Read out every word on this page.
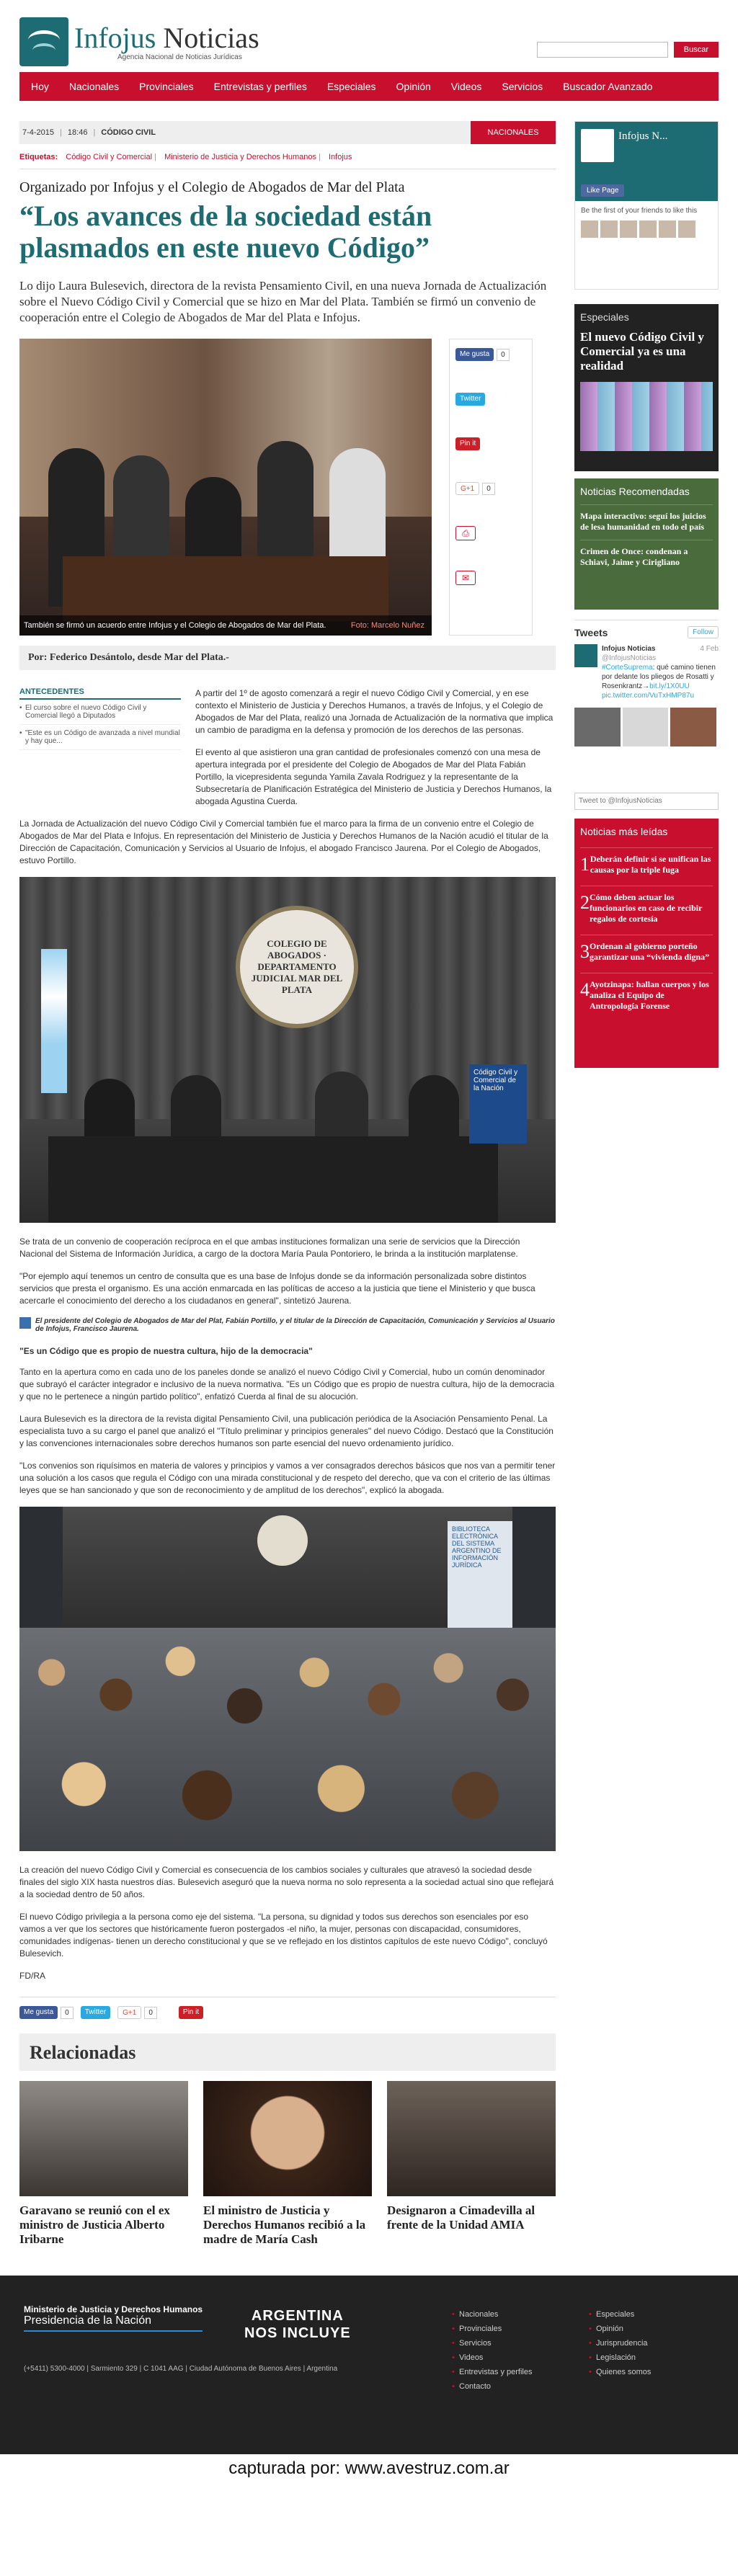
Infojus Noticias
Agencia Nacional de Noticias Jurídicas
Buscar
Hoy Nacionales Provinciales Entrevistas y perfiles Especiales Opinión Videos Servicios Buscador Avanzado
7-4-2015 | 18:46 | CÓDIGO CIVIL	NACIONALES
Etiquetas: Código Civil y Comercial | Ministerio de Justicia y Derechos Humanos | Infojus
Organizado por Infojus y el Colegio de Abogados de Mar del Plata
“Los avances de la sociedad están plasmados en este nuevo Código”

Lo dijo Laura Bulesevich, directora de la revista Pensamiento Civil, en una nueva Jornada de Actualización sobre el Nuevo Código Civil y Comercial que se hizo en Mar del Plata. También se firmó un convenio de cooperación entre el Colegio de Abogados de Mar del Plata e Infojus.

También se firmó un acuerdo entre Infojus y el Colegio de Abogados de Mar del Plata.	Foto: Marcelo Nuñez
Me gusta	0
Twitter
Pin it
G+1	0
⎙
✉
Por: Federico Desántolo, desde Mar del Plata.-
ANTECEDENTES
• El curso sobre el nuevo Código Civil y Comercial llegó a Diputados
• "Este es un Código de avanzada a nivel mundial y hay que...

A partir del 1º de agosto comenzará a regir el nuevo Código Civil y Comercial, y en ese contexto el Ministerio de Justicia y Derechos Humanos, a través de Infojus, y el Colegio de Abogados de Mar del Plata, realizó una Jornada de Actualización de la normativa que implica un cambio de paradigma en la defensa y promoción de los derechos de las personas.

El evento al que asistieron una gran cantidad de profesionales comenzó con una mesa de apertura integrada por el presidente del Colegio de Abogados de Mar del Plata Fabián Portillo, la vicepresidenta segunda Yamila Zavala Rodriguez y la representante de la Subsecretaría de Planificación Estratégica del Ministerio de Justicia y Derechos Humanos, la abogada Agustina Cuerda.

La Jornada de Actualización del nuevo Código Civil y Comercial también fue el marco para la firma de un convenio entre el Colegio de Abogados de Mar del Plata e Infojus. En representación del Ministerio de Justicia y Derechos Humanos de la Nación acudió el titular de la Dirección de Capacitación, Comunicación y Servicios al Usuario de Infojus, el abogado Francisco Jaurena. Por el Colegio de Abogados, estuvo Portillo.

COLEGIO DE ABOGADOS · DEPARTAMENTO JUDICIAL MAR DEL PLATA
Código Civil y Comercial de la Nación

Se trata de un convenio de cooperación recíproca en el que ambas instituciones formalizan una serie de servicios que la Dirección Nacional del Sistema de Información Jurídica, a cargo de la doctora María Paula Pontoriero, le brinda a la institución marplatense.

"Por ejemplo aquí tenemos un centro de consulta que es una base de Infojus donde se da información personalizada sobre distintos servicios que presta el organismo. Es una acción enmarcada en las políticas de acceso a la justicia que tiene el Ministerio y que busca acercarle el conocimiento del derecho a los ciudadanos en general", sintetizó Jaurena.

El presidente del Colegio de Abogados de Mar del Plat, Fabián Portillo, y el titular de la Dirección de Capacitación, Comunicación y Servicios al Usuario de Infojus, Francisco Jaurena.
"Es un Código que es propio de nuestra cultura, hijo de la democracia"

Tanto en la apertura como en cada uno de los paneles donde se analizó el nuevo Código Civil y Comercial, hubo un común denominador que subrayó el carácter integrador e inclusivo de la nueva normativa. "Es un Código que es propio de nuestra cultura, hijo de la democracia y que no le pertenece a ningún partido político", enfatizó Cuerda al final de su alocución.

Laura Bulesevich es la directora de la revista digital Pensamiento Civil, una publicación periódica de la Asociación Pensamiento Penal. La especialista tuvo a su cargo el panel que analizó el "Título preliminar y principios generales" del nuevo Código. Destacó que la Constitución y las convenciones internacionales sobre derechos humanos son parte esencial del nuevo ordenamiento jurídico.

"Los convenios son riquísimos en materia de valores y principios y vamos a ver consagrados derechos básicos que nos van a permitir tener una solución a los casos que regula el Código con una mirada constitucional y de respeto del derecho, que va con el criterio de las últimas leyes que se han sancionado y que son de reconocimiento y de amplitud de los derechos", explicó la abogada.

BIBLIOTECA ELECTRÓNICA DEL SISTEMA ARGENTINO DE INFORMACIÓN JURÍDICA

La creación del nuevo Código Civil y Comercial es consecuencia de los cambios sociales y culturales que atravesó la sociedad desde finales del siglo XIX hasta nuestros días. Bulesevich aseguró que la nueva norma no solo representa a la sociedad actual sino que reflejará a la sociedad dentro de 50 años.

El nuevo Código privilegia a la persona como eje del sistema. "La persona, su dignidad y todos sus derechos son esenciales por eso vamos a ver que los sectores que históricamente fueron postergados -el niño, la mujer, personas con discapacidad, consumidores, comunidades indígenas- tienen un derecho constitucional y que se ve reflejado en los distintos capítulos de este nuevo Código", concluyó Bulesevich.

FD/RA

Me gusta	0	Twitter	G+1	0	Pin it
Relacionadas
Garavano se reunió con el ex ministro de Justicia Alberto Iribarne
El ministro de Justicia y Derechos Humanos recibió a la madre de María Cash
Designaron a Cimadevilla al frente de la Unidad AMIA
Infojus N...
Like Page
Be the first of your friends to like this
Especiales
El nuevo Código Civil y Comercial ya es una realidad
Noticias Recomendadas

Mapa interactivo: seguí los juicios de lesa humanidad en todo el país

Crimen de Once: condenan a Schiavi, Jaime y Cirigliano

Tweets	Follow
Infojus Noticias	4 Feb

@InfojusNoticias
#CorteSuprema: qué camino tienen por delante los pliegos de Rosatti y Rosenkrantz→bit.ly/1X0UU
pic.twitter.com/VuTxHMP87u
Tweet to @InfojusNoticias
Noticias más leídas
1 Deberán definir si se unifican las causas por la triple fuga
2 Cómo deben actuar los funcionarios en caso de recibir regalos de cortesía
3 Ordenan al gobierno porteño garantizar una “vivienda digna”
4 Ayotzinapa: hallan cuerpos y los analiza el Equipo de Antropología Forense
Ministerio de Justicia y Derechos Humanos
Presidencia de la Nación	ARGENTINA
NOS INCLUYE
(+5411) 5300-4000 | Sarmiento 329 | C 1041 AAG | Ciudad Autónoma de Buenos Aires | Argentina
• Nacionales
• Provinciales
• Servicios
• Videos
• Entrevistas y perfiles
• Contacto
• Especiales
• Opinión
• Jurisprudencia
• Legislación
• Quienes somos
capturada por: www.avestruz.com.ar
